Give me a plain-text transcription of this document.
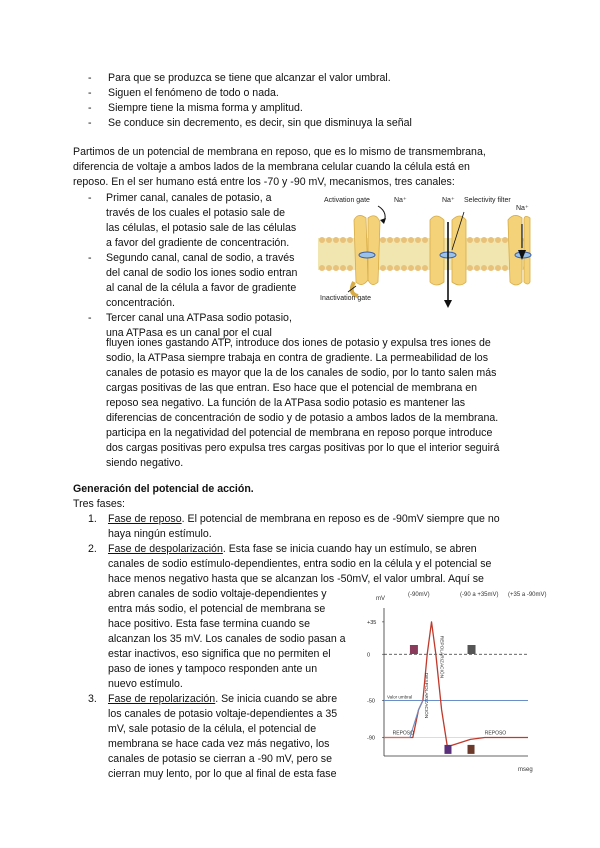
- Para que se produzca se tiene que alcanzar el valor umbral.
- Siguen el fenómeno de todo o nada.
- Siempre tiene la misma forma y amplitud.
- Se conduce sin decremento, es decir, sin que disminuya la señal
Partimos de un potencial de membrana en reposo, que es lo mismo de transmembrana,
diferencia de voltaje a ambos lados de la membrana celular cuando la célula está en
reposo. En el ser humano está entre los -70 y -90 mV, mecanismos, tres canales:
- Primer canal, canales de potasio, a
través de los cuales el potasio sale de
las células, el potasio sale de las células
a favor del gradiente de concentración.
- Segundo canal, canal de sodio, a través
del canal de sodio los iones sodio entran
al canal de la célula a favor de gradiente
concentración.
- Tercer canal una ATPasa sodio potasio,
una ATPasa es un canal por el cual
Activation gate	Na⁺	Na⁺ Selectivity filter
Na⁺
Inactivation gate
fluyen iones gastando ATP, introduce dos iones de potasio y expulsa tres iones de
sodio, la ATPasa siempre trabaja en contra de gradiente. La permeabilidad de los
canales de potasio es mayor que la de los canales de sodio, por lo tanto salen más
cargas positivas de las que entran. Eso hace que el potencial de membrana en
reposo sea negativo. La función de la ATPasa sodio potasio es mantener las
diferencias de concentración de sodio y de potasio a ambos lados de la membrana.
participa en la negatividad del potencial de membrana en reposo porque introduce
dos cargas positivas pero expulsa tres cargas positivas por lo que el interior seguirá
siendo negativo.
Generación del potencial de acción.
Tres fases:
1. Fase de reposo. El potencial de membrana en reposo es de -90mV siempre que no
haya ningún estímulo.
2. Fase de despolarización. Esta fase se inicia cuando hay un estímulo, se abren
canales de sodio estímulo-dependientes, entra sodio en la célula y el potencial se
hace menos negativo hasta que se alcanzan los -50mV, el valor umbral. Aquí se
abren canales de sodio voltaje-dependientes y
entra más sodio, el potencial de membrana se
hace positivo. Esta fase termina cuando se
alcanzan los 35 mV. Los canales de sodio pasan a
estar inactivos, eso significa que no permiten el
paso de iones y tampoco responden ante un
nuevo estímulo.
3. Fase de repolarización. Se inicia cuando se abre
los canales de potasio voltaje-dependientes a 35
mV, sale potasio de la célula, el potencial de
membrana se hace cada vez más negativo, los
canales de potasio se cierran a -90 mV, pero se
cierran muy lento, por lo que al final de esta fase
mV
(-90mV)	(-90 a +35mV) (+35 a -90mV)
mseg
Valor umbral
+35
0
-50
-90
REPOSO
DESPOLARIZACIÓN
REPOLARIZACIÓN
REPOSO
